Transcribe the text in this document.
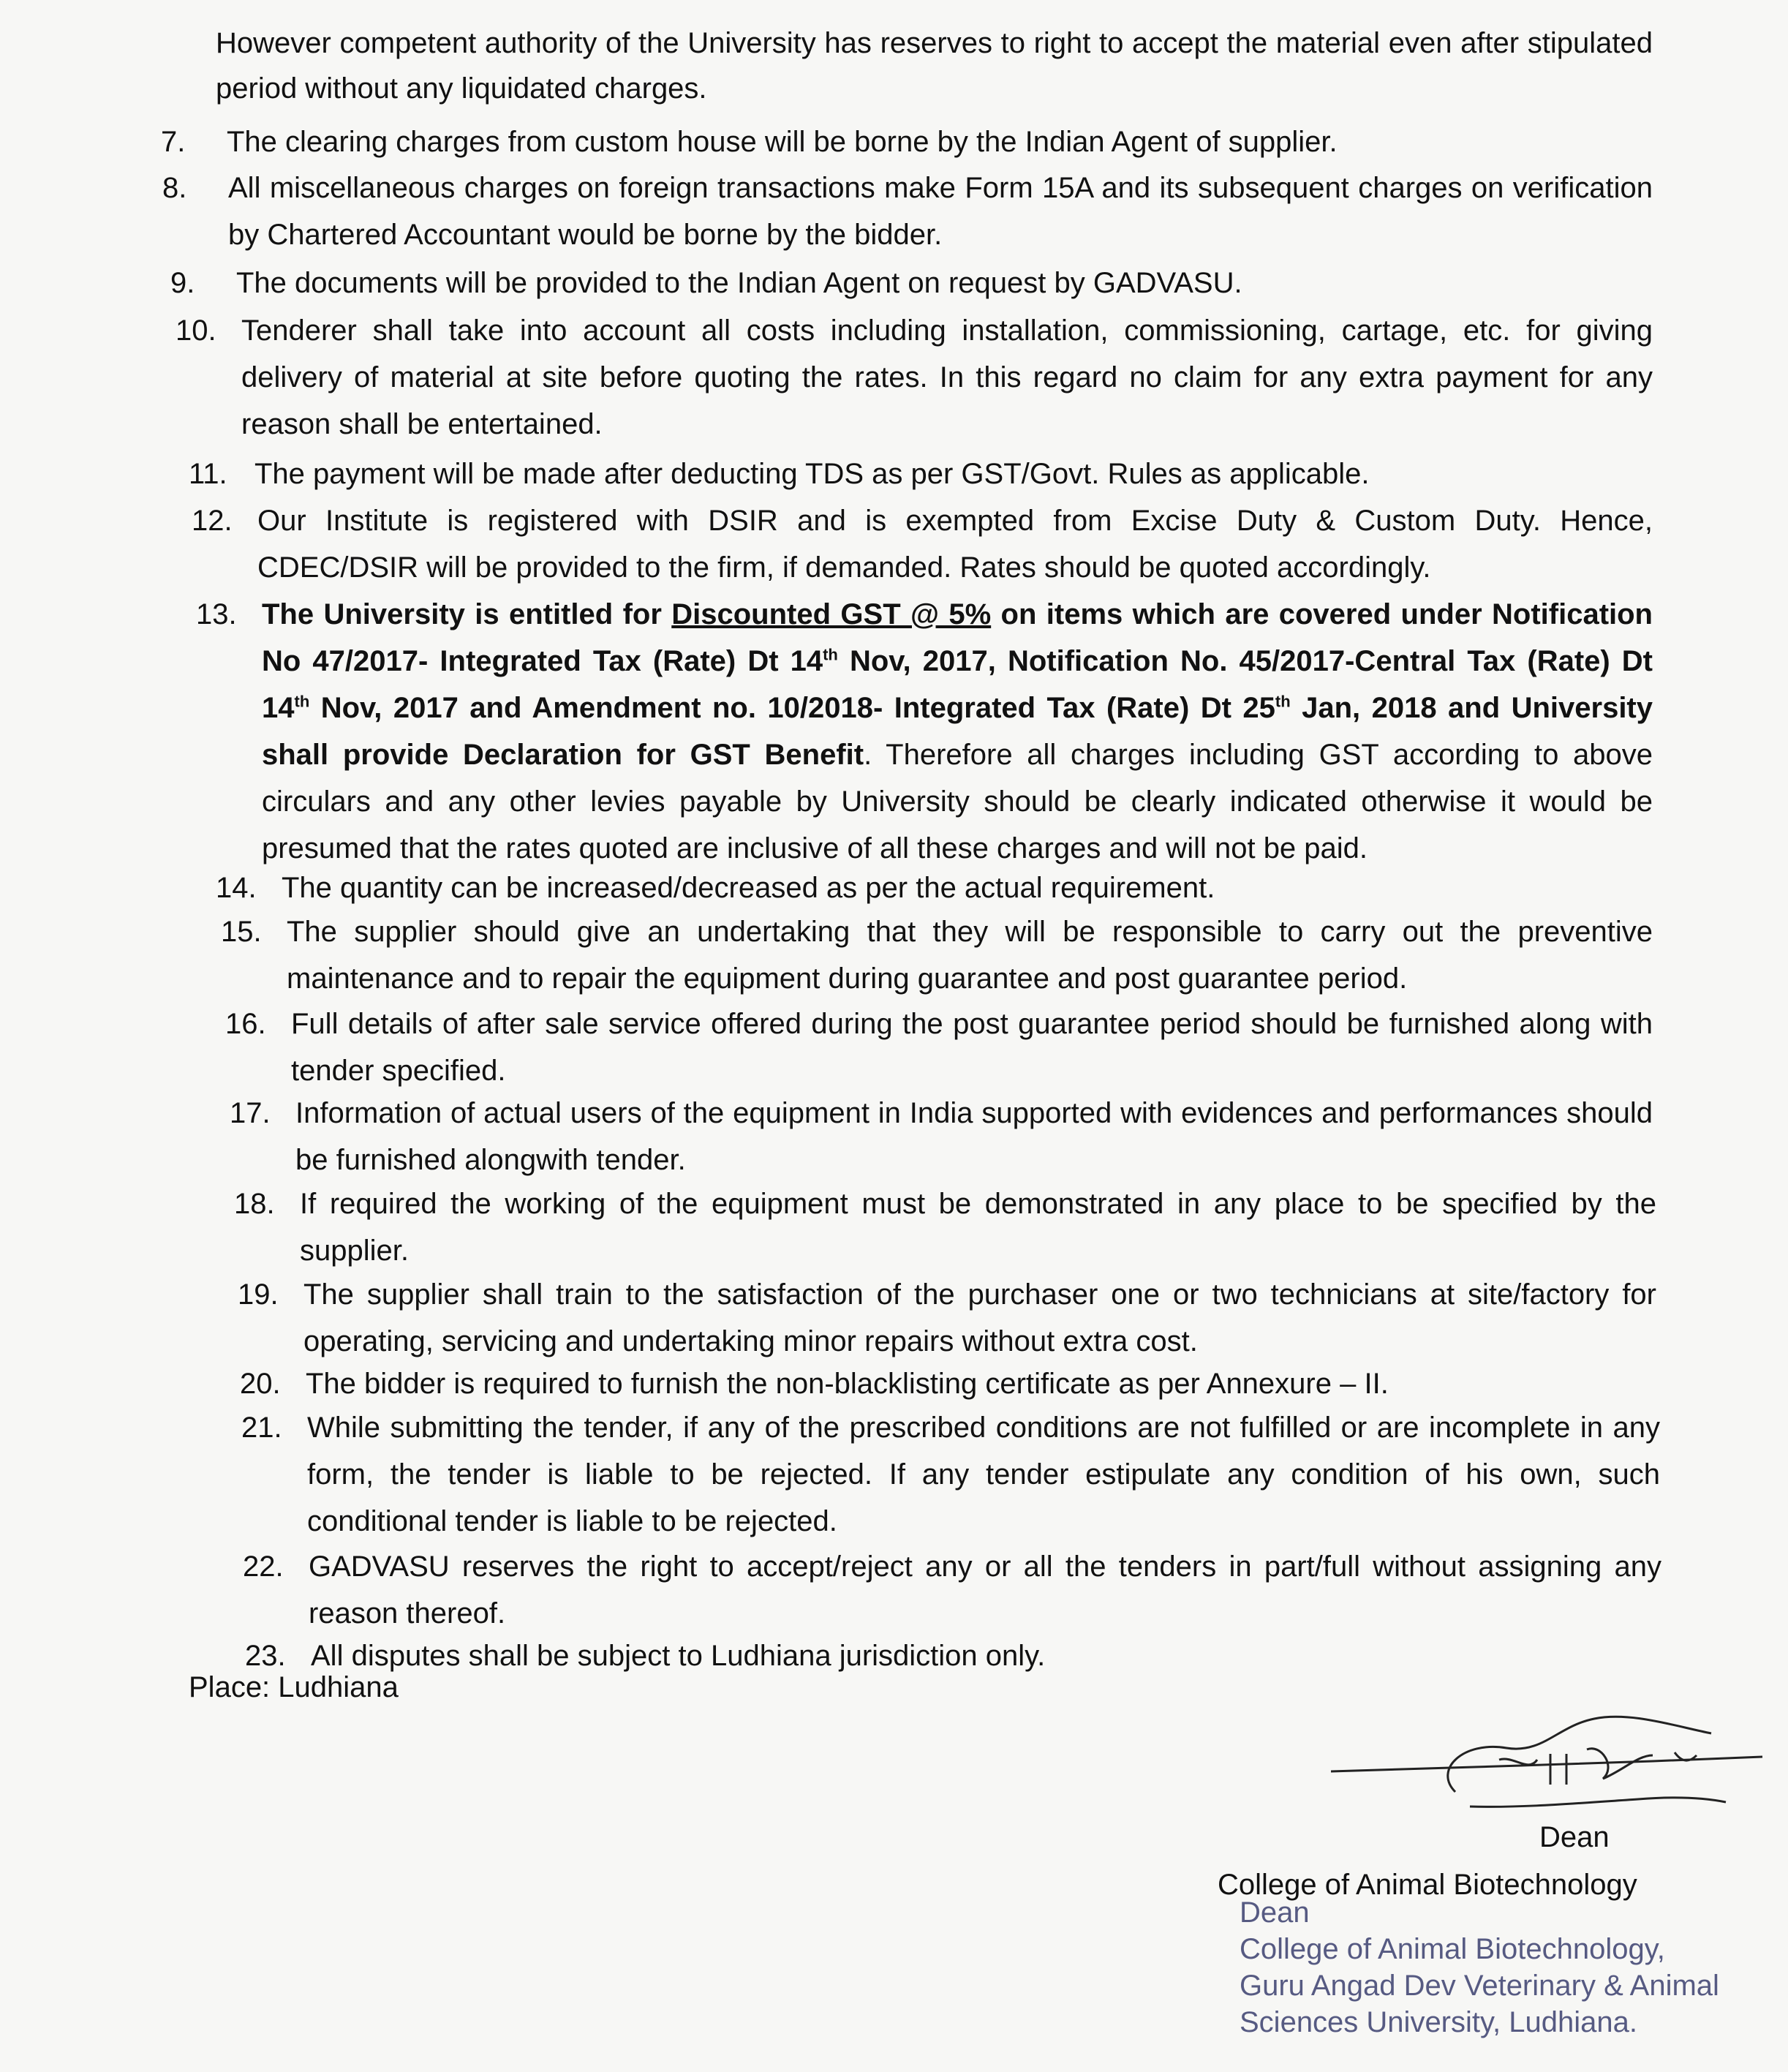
However competent authority of the University has reserves to right to accept the material even after stipulated period without any liquidated charges.

7.	The clearing charges from custom house will be borne by the Indian Agent of supplier.
8.	All miscellaneous charges on foreign transactions make Form 15A and its subsequent charges on verification by Chartered Accountant would be borne by the bidder.
9.	The documents will be provided to the Indian Agent on request by GADVASU.
10. Tenderer shall take into account all costs including installation, commissioning, cartage, etc. for giving delivery of material at site before quoting the rates. In this regard no claim for any extra payment for any reason shall be entertained.
11. The payment will be made after deducting TDS as per GST/Govt. Rules as applicable.
12. Our Institute is registered with DSIR and is exempted from Excise Duty & Custom Duty. Hence, CDEC/DSIR will be provided to the firm, if demanded. Rates should be quoted accordingly.
13. The University is entitled for Discounted GST @ 5% on items which are covered under Notification No 47/2017- Integrated Tax (Rate) Dt 14th Nov, 2017, Notification No. 45/2017-Central Tax (Rate) Dt 14th Nov, 2017 and Amendment no. 10/2018- Integrated Tax (Rate) Dt 25th Jan, 2018 and University shall provide Declaration for GST Benefit. Therefore all charges including GST according to above circulars and any other levies payable by University should be clearly indicated otherwise it would be presumed that the rates quoted are inclusive of all these charges and will not be paid.
14. The quantity can be increased/decreased as per the actual requirement.
15. The supplier should give an undertaking that they will be responsible to carry out the preventive maintenance and to repair the equipment during guarantee and post guarantee period.
16. Full details of after sale service offered during the post guarantee period should be furnished along with tender specified.
17. Information of actual users of the equipment in India supported with evidences and performances should be furnished alongwith tender.
18. If required the working of the equipment must be demonstrated in any place to be specified by the supplier.
19. The supplier shall train to the satisfaction of the purchaser one or two technicians at site/factory for operating, servicing and undertaking minor repairs without extra cost.
20. The bidder is required to furnish the non-blacklisting certificate as per Annexure – II.
21. While submitting the tender, if any of the prescribed conditions are not fulfilled or are incomplete in any form, the tender is liable to be rejected. If any tender estipulate any condition of his own, such conditional tender is liable to be rejected.
22. GADVASU reserves the right to accept/reject any or all the tenders in part/full without assigning any reason thereof.
23. All disputes shall be subject to Ludhiana jurisdiction only.
Place: Ludhiana
Dean
College of Animal Biotechnology
Dean
College of Animal Biotechnology,
Guru Angad Dev Veterinary & Animal
Sciences University, Ludhiana.
